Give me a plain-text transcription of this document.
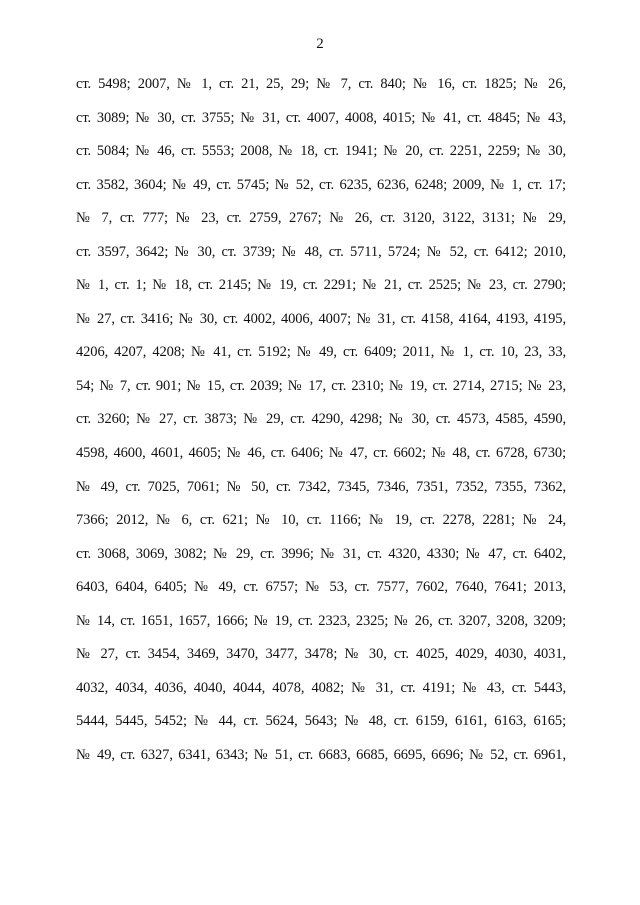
2
ст. 5498; 2007, № 1, ст. 21, 25, 29; № 7, ст. 840; № 16, ст. 1825; № 26,
ст. 3089; № 30, ст. 3755; № 31, ст. 4007, 4008, 4015; № 41, ст. 4845; № 43,
ст. 5084; № 46, ст. 5553; 2008, № 18, ст. 1941; № 20, ст. 2251, 2259; № 30,
ст. 3582, 3604; № 49, ст. 5745; № 52, ст. 6235, 6236, 6248; 2009, № 1, ст. 17;
№ 7, ст. 777; № 23, ст. 2759, 2767; № 26, ст. 3120, 3122, 3131; № 29,
ст. 3597, 3642; № 30, ст. 3739; № 48, ст. 5711, 5724; № 52, ст. 6412; 2010,
№ 1, ст. 1; № 18, ст. 2145; № 19, ст. 2291; № 21, ст. 2525; № 23, ст. 2790;
№ 27, ст. 3416; № 30, ст. 4002, 4006, 4007; № 31, ст. 4158, 4164, 4193, 4195,
4206, 4207, 4208; № 41, ст. 5192; № 49, ст. 6409; 2011, № 1, ст. 10, 23, 33,
54; № 7, ст. 901; № 15, ст. 2039; № 17, ст. 2310; № 19, ст. 2714, 2715; № 23,
ст. 3260; № 27, ст. 3873; № 29, ст. 4290, 4298; № 30, ст. 4573, 4585, 4590,
4598, 4600, 4601, 4605; № 46, ст. 6406; № 47, ст. 6602; № 48, ст. 6728, 6730;
№ 49, ст. 7025, 7061; № 50, ст. 7342, 7345, 7346, 7351, 7352, 7355, 7362,
7366; 2012, № 6, ст. 621; № 10, ст. 1166; № 19, ст. 2278, 2281; № 24,
ст. 3068, 3069, 3082; № 29, ст. 3996; № 31, ст. 4320, 4330; № 47, ст. 6402,
6403, 6404, 6405; № 49, ст. 6757; № 53, ст. 7577, 7602, 7640, 7641; 2013,
№ 14, ст. 1651, 1657, 1666; № 19, ст. 2323, 2325; № 26, ст. 3207, 3208, 3209;
№ 27, ст. 3454, 3469, 3470, 3477, 3478; № 30, ст. 4025, 4029, 4030, 4031,
4032, 4034, 4036, 4040, 4044, 4078, 4082; № 31, ст. 4191; № 43, ст. 5443,
5444, 5445, 5452; № 44, ст. 5624, 5643; № 48, ст. 6159, 6161, 6163, 6165;
№ 49, ст. 6327, 6341, 6343; № 51, ст. 6683, 6685, 6695, 6696; № 52, ст. 6961,
